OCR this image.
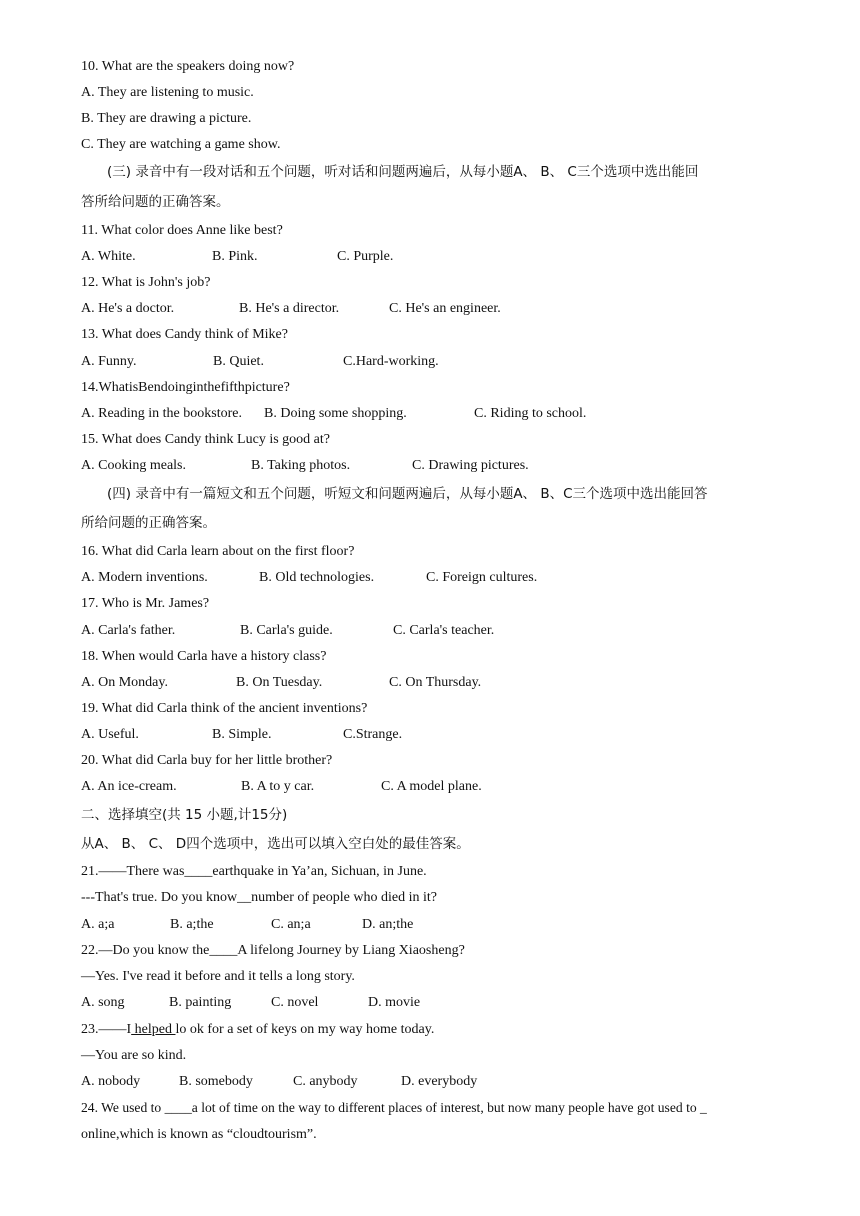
10. What are the speakers doing now?
A. They are listening to music.
B. They are drawing a picture.
C. They are watching a game show.
(三) 录音中有一段对话和五个问题，听对话和问题两遍后，从每小题A、 B、 C三个选项中选出能回
答所给问题的正确答案。
11. What color does Anne like best?
A. White.	B. Pink.	C. Purple.
12. What is John's job?
A. He's a doctor.	B. He's a director.	C. He's an engineer.
13. What does Candy think of Mike?
A. Funny.	B. Quiet.	C.Hard-working.
14.WhatisBendoinginthefifthpicture?
A. Reading in the bookstore. B. Doing some shopping.	C. Riding to school.
15. What does Candy think Lucy is good at?
A. Cooking meals.	B. Taking photos.	C. Drawing pictures.
(四) 录音中有一篇短文和五个问题，听短文和问题两遍后，从每小题A、 B、C三个选项中选出能回答
所给问题的正确答案。
16. What did Carla learn about on the first floor?
A. Modern inventions.	B. Old technologies.	C. Foreign cultures.
17. Who is Mr. James?
A. Carla's father.	B. Carla's guide.	C. Carla's teacher.
18. When would Carla have a history class?
A. On Monday.	B. On Tuesday.	C. On Thursday.
19. What did Carla think of the ancient inventions?
A. Useful.	B. Simple.	C.Strange.
20. What did Carla buy for her little brother?
A. An ice-cream.	B. A to y car.	C. A model plane.
二、选择填空(共 15 小题,计15分)
从A、 B、 C、 D四个选项中，选出可以填入空白处的最佳答案。
21.——There was____earthquake in Ya’an, Sichuan, in June.
---That's true. Do you know__number of people who died in it?
A. a;a	B. a;the	C. an;a	D. an;the
22.—Do you know the____A lifelong Journey by Liang Xiaosheng?
—Yes. I've read it before and it tells a long story.
A. song	B. painting	C. novel	D. movie
23.——I helped lo ok for a set of keys on my way home today.
—You are so kind.
A. nobody	B. somebody	C. anybody	D. everybody
24. We used to ____a lot of time on the way to different places of interest, but now many people have got used to _
online,which is known as “cloudtourism”.
